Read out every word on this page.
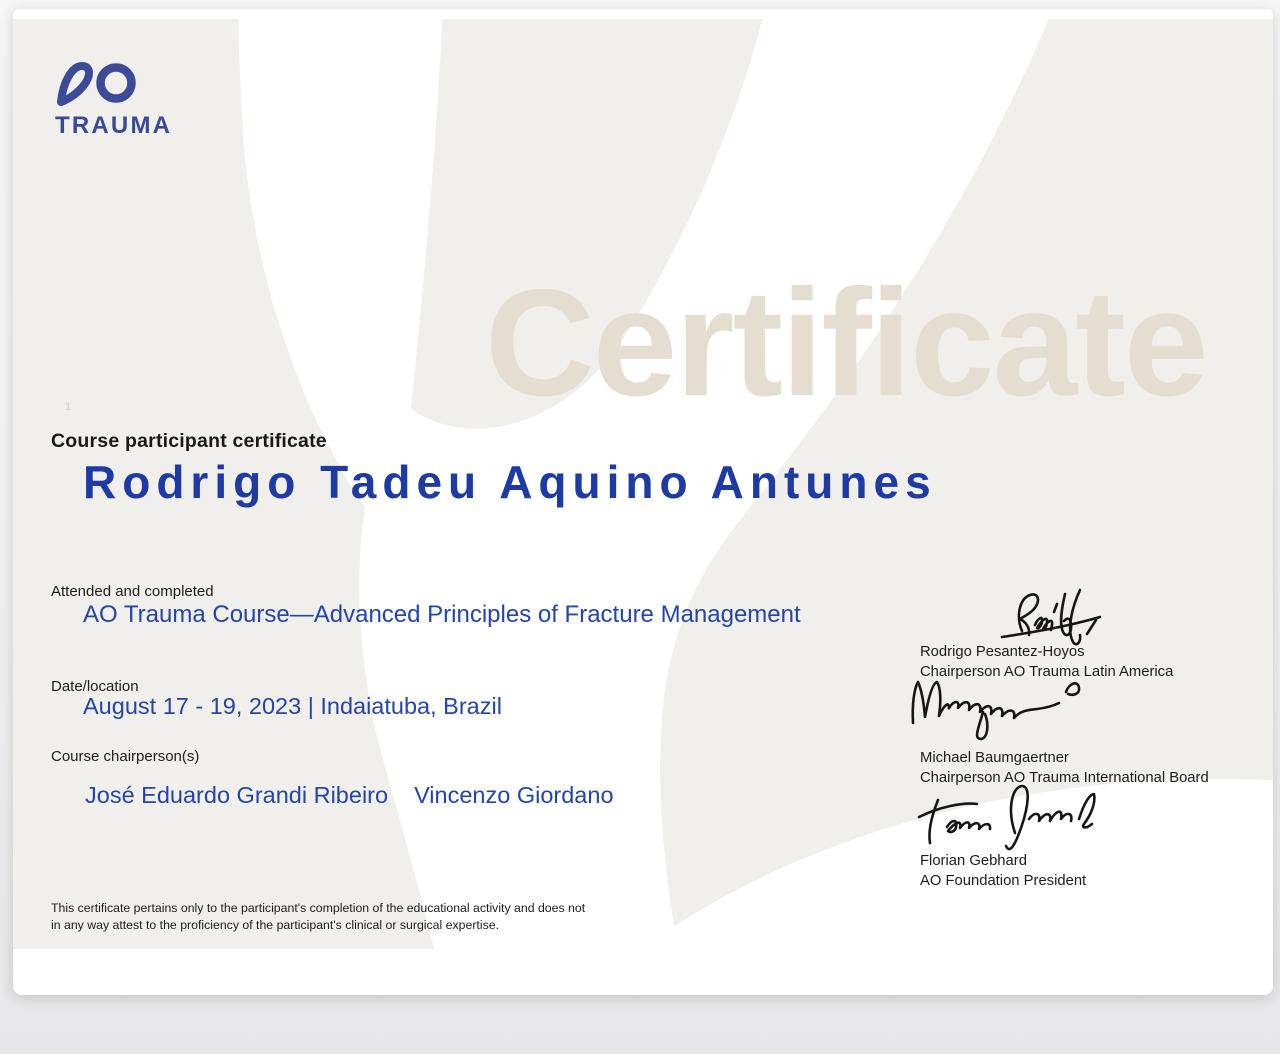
Certificate
1
TRAUMA
Course participant certificate
Rodrigo Tadeu Aquino Antunes
Attended and completed
AO Trauma Course—Advanced Principles of Fracture Management
Date/location
August 17 - 19, 2023 | Indaiatuba, Brazil
Course chairperson(s)
José Eduardo Grandi Ribeiro Vincenzo Giordano
This certificate pertains only to the participant's completion of the educational activity and does not
in any way attest to the proficiency of the participant's clinical or surgical expertise.
Rodrigo Pesantez-Hoyos
Chairperson AO Trauma Latin America
Michael Baumgaertner
Chairperson AO Trauma International Board
Florian Gebhard
AO Foundation President
